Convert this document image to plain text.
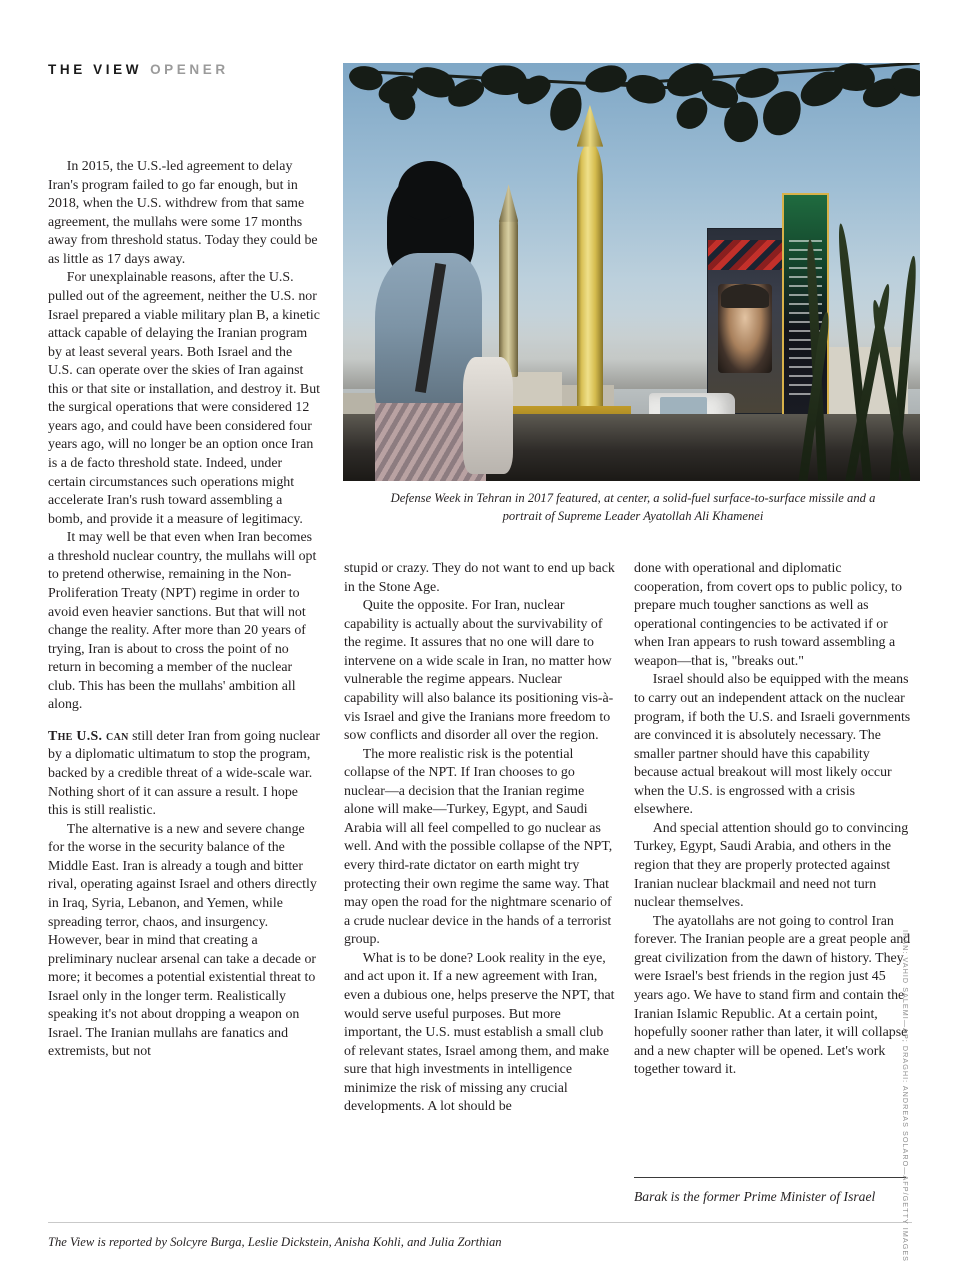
THE VIEW OPENER
Defense Week in Tehran in 2017 featured, at center, a solid-fuel surface-to-surface missile and a portrait of Supreme Leader Ayatollah Ali Khamenei

In 2015, the U.S.-led agreement to delay Iran's program failed to go far enough, but in 2018, when the U.S. withdrew from that same agreement, the mullahs were some 17 months away from threshold status. Today they could be as little as 17 days away.

For unexplainable reasons, after the U.S. pulled out of the agreement, neither the U.S. nor Israel prepared a viable military plan B, a kinetic attack capable of delaying the Iranian program by at least several years. Both Israel and the U.S. can operate over the skies of Iran against this or that site or installation, and destroy it. But the surgical operations that were considered 12 years ago, and could have been considered four years ago, will no longer be an option once Iran is a de facto threshold state. Indeed, under certain circumstances such operations might accelerate Iran's rush toward assembling a bomb, and provide it a measure of legitimacy.

It may well be that even when Iran becomes a threshold nuclear country, the mullahs will opt to pretend otherwise, remaining in the Non-Proliferation Treaty (NPT) regime in order to avoid even heavier sanctions. But that will not change the reality. After more than 20 years of trying, Iran is about to cross the point of no return in becoming a member of the nuclear club. This has been the mullahs' ambition all along.

The U.S. can still deter Iran from going nuclear by a diplomatic ultimatum to stop the program, backed by a credible threat of a wide-scale war. Nothing short of it can assure a result. I hope this is still realistic.

The alternative is a new and severe change for the worse in the security balance of the Middle East. Iran is already a tough and bitter rival, operating against Israel and others directly in Iraq, Syria, Lebanon, and Yemen, while spreading terror, chaos, and insurgency. However, bear in mind that creating a preliminary nuclear arsenal can take a decade or more; it becomes a potential existential threat to Israel only in the longer term. Realistically speaking it's not about dropping a weapon on Israel. The Iranian mullahs are fanatics and extremists, but not

stupid or crazy. They do not want to end up back in the Stone Age.

Quite the opposite. For Iran, nuclear capability is actually about the survivability of the regime. It assures that no one will dare to intervene on a wide scale in Iran, no matter how vulnerable the regime appears. Nuclear capability will also balance its positioning vis-à-vis Israel and give the Iranians more freedom to sow conflicts and disorder all over the region.

The more realistic risk is the potential collapse of the NPT. If Iran chooses to go nuclear—a decision that the Iranian regime alone will make—Turkey, Egypt, and Saudi Arabia will all feel compelled to go nuclear as well. And with the possible collapse of the NPT, every third-rate dictator on earth might try protecting their own regime the same way. That may open the road for the nightmare scenario of a crude nuclear device in the hands of a terrorist group.

What is to be done? Look reality in the eye, and act upon it. If a new agreement with Iran, even a dubious one, helps preserve the NPT, that would serve useful purposes. But more important, the U.S. must establish a small club of relevant states, Israel among them, and make sure that high investments in intelligence minimize the risk of missing any crucial developments. A lot should be

done with operational and diplomatic cooperation, from covert ops to public policy, to prepare much tougher sanctions as well as operational contingencies to be activated if or when Iran appears to rush toward assembling a weapon—that is, "breaks out."

Israel should also be equipped with the means to carry out an independent attack on the nuclear program, if both the U.S. and Israeli governments are convinced it is absolutely necessary. The smaller partner should have this capability because actual breakout will most likely occur when the U.S. is engrossed with a crisis elsewhere.

And special attention should go to convincing Turkey, Egypt, Saudi Arabia, and others in the region that they are properly protected against Iranian nuclear blackmail and need not turn nuclear themselves.

The ayatollahs are not going to control Iran forever. The Iranian people are a great people and great civilization from the dawn of history. They were Israel's best friends in the region just 45 years ago. We have to stand firm and contain the Iranian Islamic Republic. At a certain point, hopefully sooner rather than later, it will collapse and a new chapter will be opened. Let's work together toward it.

Barak is the former Prime Minister of Israel
The View is reported by Solcyre Burga, Leslie Dickstein, Anisha Kohli, and Julia Zorthian	IRAN: VAHID SALEMI—AP; DRAGHI: ANDREAS SOLARO—AFP/GETTY IMAGES
